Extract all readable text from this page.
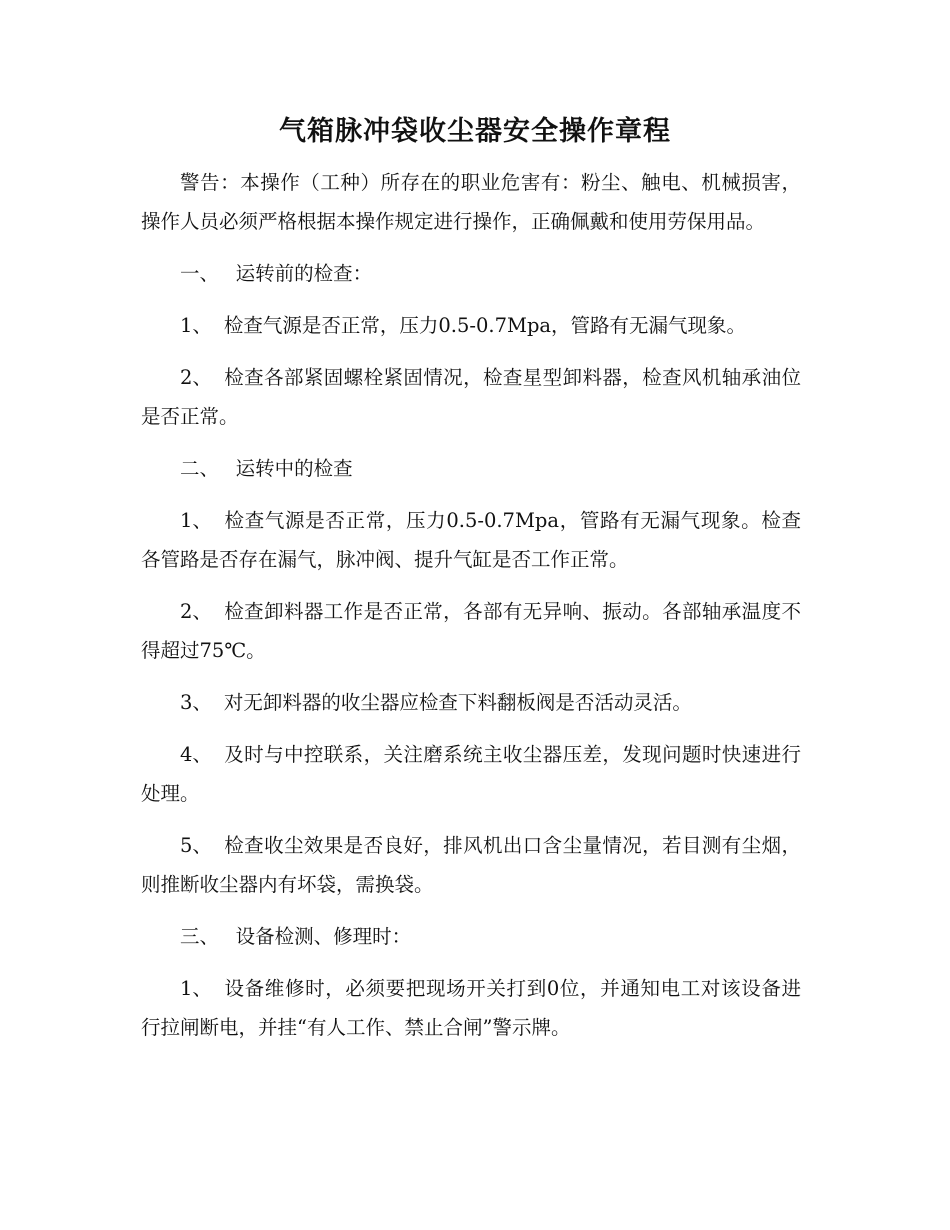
气箱脉冲袋收尘器安全操作章程

警告：本操作（工种）所存在的职业危害有：粉尘、触电、机械损害，操作人员必须严格根据本操作规定进行操作，正确佩戴和使用劳保用品。

一、 运转前的检查：

1、 检查气源是否正常，压力0.5-0.7Mpa，管路有无漏气现象。

2、 检查各部紧固螺栓紧固情况，检查星型卸料器，检查风机轴承油位是否正常。

二、 运转中的检查

1、 检查气源是否正常，压力0.5-0.7Mpa，管路有无漏气现象。检查各管路是否存在漏气，脉冲阀、提升气缸是否工作正常。

2、 检查卸料器工作是否正常，各部有无异响、振动。各部轴承温度不得超过75℃。

3、 对无卸料器的收尘器应检查下料翻板阀是否活动灵活。

4、 及时与中控联系，关注磨系统主收尘器压差，发现问题时快速进行处理。

5、 检查收尘效果是否良好，排风机出口含尘量情况，若目测有尘烟，则推断收尘器内有坏袋，需换袋。

三、 设备检测、修理时：

1、 设备维修时，必须要把现场开关打到0位，并通知电工对该设备进行拉闸断电，并挂“有人工作、禁止合闸”警示牌。
